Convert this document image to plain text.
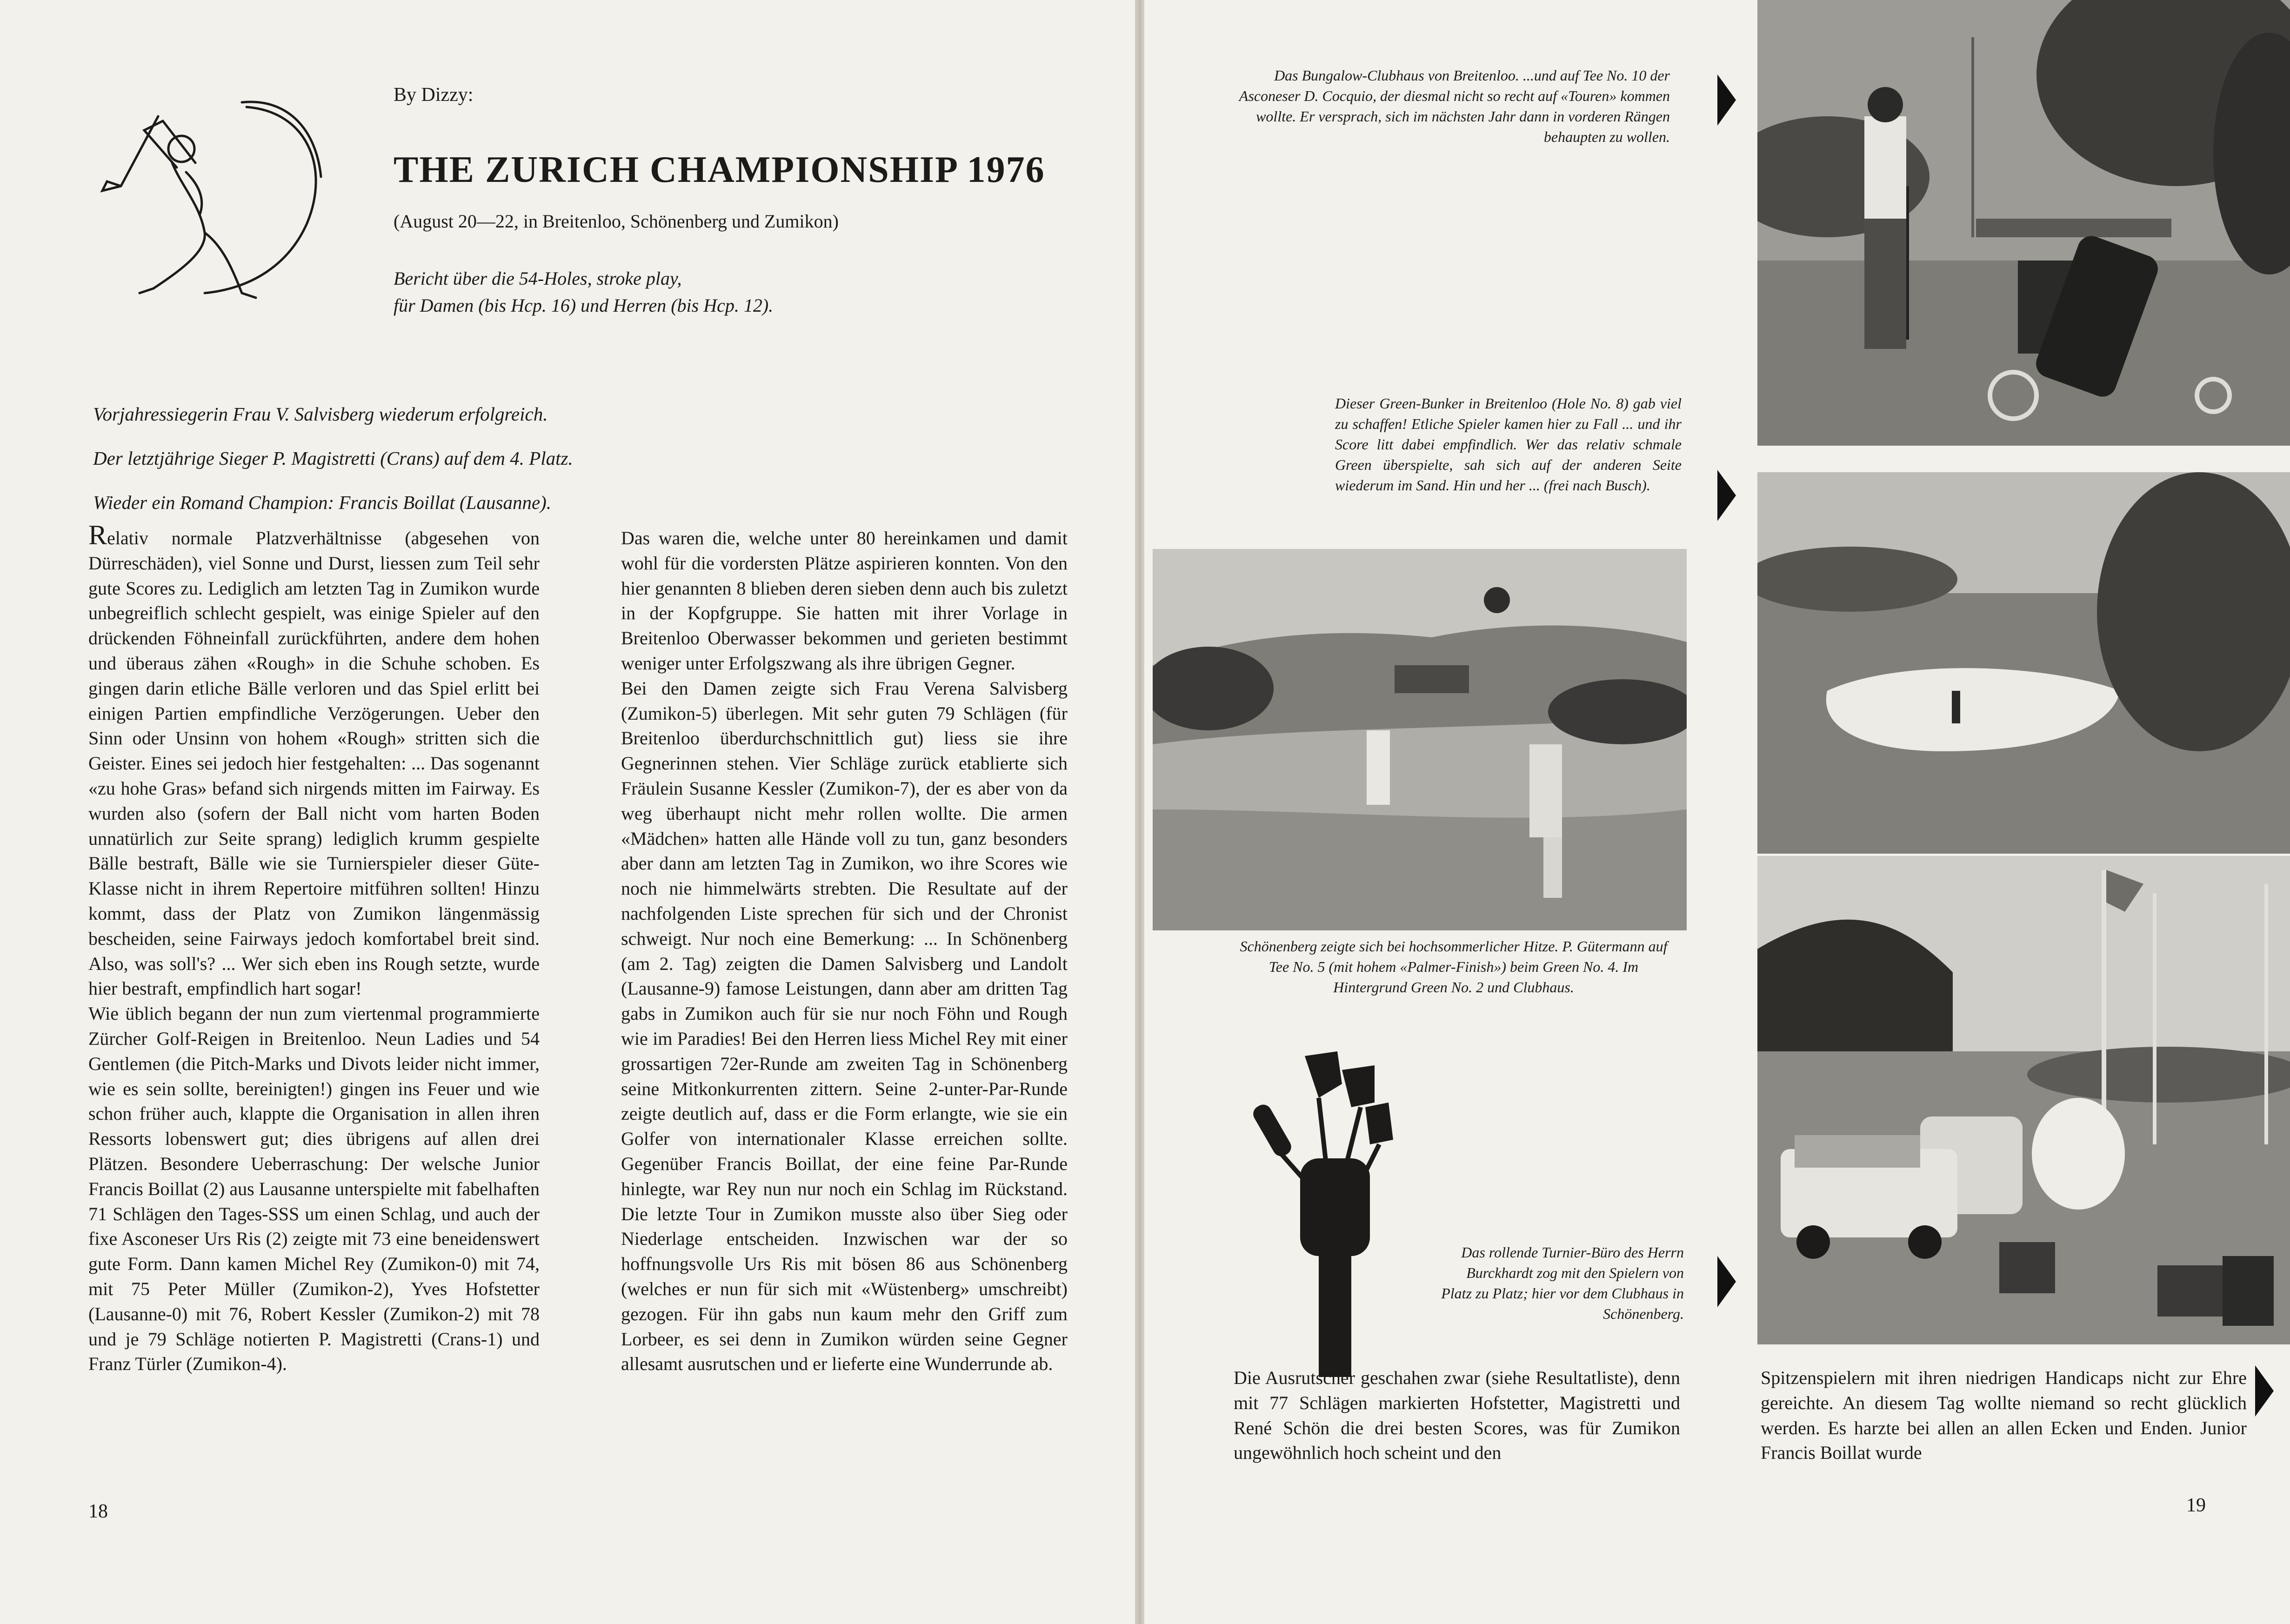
By Dizzy:
THE ZURICH CHAMPIONSHIP 1976
(August 20—22, in Breitenloo, Schönenberg und Zumikon)
Bericht über die 54-Holes, stroke play,
für Damen (bis Hcp. 16) und Herren (bis Hcp. 12).
Vorjahressiegerin Frau V. Salvisberg wiederum erfolgreich.
Der letztjährige Sieger P. Magistretti (Crans) auf dem 4. Platz.
Wieder ein Romand Champion: Francis Boillat (Lausanne).

Relativ normale Platzverhältnisse (abgesehen von Dürreschäden), viel Sonne und Durst, liessen zum Teil sehr gute Scores zu. Lediglich am letzten Tag in Zumikon wurde unbegreiflich schlecht gespielt, was einige Spieler auf den drückenden Föhneinfall zurückführten, andere dem hohen und überaus zähen «Rough» in die Schuhe schoben. Es gingen darin etliche Bälle verloren und das Spiel erlitt bei einigen Partien empfindliche Verzögerungen. Ueber den Sinn oder Unsinn von hohem «Rough» stritten sich die Geister. Eines sei jedoch hier festgehalten: ... Das sogenannt «zu hohe Gras» befand sich nirgends mitten im Fairway. Es wurden also (sofern der Ball nicht vom harten Boden unnatürlich zur Seite sprang) lediglich krumm gespielte Bälle bestraft, Bälle wie sie Turnierspieler dieser Güte-Klasse nicht in ihrem Repertoire mitführen sollten! Hinzu kommt, dass der Platz von Zumikon längenmässig bescheiden, seine Fairways jedoch komfortabel breit sind. Also, was soll's? ... Wer sich eben ins Rough setzte, wurde hier bestraft, empfindlich hart sogar!

Wie üblich begann der nun zum viertenmal programmierte Zürcher Golf-Reigen in Breitenloo. Neun Ladies und 54 Gentlemen (die Pitch-Marks und Divots leider nicht immer, wie es sein sollte, bereinigten!) gingen ins Feuer und wie schon früher auch, klappte die Organisation in allen ihren Ressorts lobenswert gut; dies übrigens auf allen drei Plätzen. Besondere Ueberraschung: Der welsche Junior Francis Boillat (2) aus Lausanne unterspielte mit fabelhaften 71 Schlägen den Tages-SSS um einen Schlag, und auch der fixe Asconeser Urs Ris (2) zeigte mit 73 eine beneidenswert gute Form. Dann kamen Michel Rey (Zumikon-0) mit 74, mit 75 Peter Müller (Zumikon-2), Yves Hofstetter (Lausanne-0) mit 76, Robert Kessler (Zumikon-2) mit 78 und je 79 Schläge notierten P. Magistretti (Crans-1) und Franz Türler (Zumikon-4).

Das waren die, welche unter 80 hereinkamen und damit wohl für die vordersten Plätze aspirieren konnten. Von den hier genannten 8 blieben deren sieben denn auch bis zuletzt in der Kopfgruppe. Sie hatten mit ihrer Vorlage in Breitenloo Oberwasser bekommen und gerieten bestimmt weniger unter Erfolgszwang als ihre übrigen Gegner.

Bei den Damen zeigte sich Frau Verena Salvisberg (Zumikon-5) überlegen. Mit sehr guten 79 Schlägen (für Breitenloo überdurchschnittlich gut) liess sie ihre Gegnerinnen stehen. Vier Schläge zurück etablierte sich Fräulein Susanne Kessler (Zumikon-7), der es aber von da weg überhaupt nicht mehr rollen wollte. Die armen «Mädchen» hatten alle Hände voll zu tun, ganz besonders aber dann am letzten Tag in Zumikon, wo ihre Scores wie noch nie himmelwärts strebten. Die Resultate auf der nachfolgenden Liste sprechen für sich und der Chronist schweigt. Nur noch eine Bemerkung: ... In Schönenberg (am 2. Tag) zeigten die Damen Salvisberg und Landolt (Lausanne-9) famose Leistungen, dann aber am dritten Tag gabs in Zumikon auch für sie nur noch Föhn und Rough wie im Paradies! Bei den Herren liess Michel Rey mit einer grossartigen 72er-Runde am zweiten Tag in Schönenberg seine Mitkonkurrenten zittern. Seine 2-unter-Par-Runde zeigte deutlich auf, dass er die Form erlangte, wie sie ein Golfer von internationaler Klasse erreichen sollte. Gegenüber Francis Boillat, der eine feine Par-Runde hinlegte, war Rey nun nur noch ein Schlag im Rückstand. Die letzte Tour in Zumikon musste also über Sieg oder Niederlage entscheiden. Inzwischen war der so hoffnungsvolle Urs Ris mit bösen 86 aus Schönenberg (welches er nun für sich mit «Wüstenberg» umschreibt) gezogen. Für ihn gabs nun kaum mehr den Griff zum Lorbeer, es sei denn in Zumikon würden seine Gegner allesamt ausrutschen und er lieferte eine Wunderrunde ab.

18
Das Bungalow-Clubhaus von Breitenloo. ...und auf Tee No. 10 der Asconeser D. Cocquio, der diesmal nicht so recht auf «Touren» kommen wollte. Er versprach, sich im nächsten Jahr dann in vorderen Rängen behaupten zu wollen.
Dieser Green-Bunker in Breitenloo (Hole No. 8) gab viel zu schaffen! Etliche Spieler kamen hier zu Fall ... und ihr Score litt dabei empfindlich. Wer das relativ schmale Green überspielte, sah sich auf der anderen Seite wiederum im Sand. Hin und her ... (frei nach Busch).
Schönenberg zeigte sich bei hochsommerlicher Hitze. P. Gütermann auf Tee No. 5 (mit hohem «Palmer-Finish») beim Green No. 4. Im Hintergrund Green No. 2 und Clubhaus.
Das rollende Turnier-Büro des Herrn Burckhardt zog mit den Spielern von Platz zu Platz; hier vor dem Clubhaus in Schönenberg.
Die Ausrutscher geschahen zwar (siehe Resultatliste), denn mit 77 Schlägen markierten Hofstetter, Magistretti und René Schön die drei besten Scores, was für Zumikon ungewöhnlich hoch scheint und den
Spitzenspielern mit ihren niedrigen Handicaps nicht zur Ehre gereichte. An diesem Tag wollte niemand so recht glücklich werden. Es harzte bei allen an allen Ecken und Enden. Junior Francis Boillat wurde
19
